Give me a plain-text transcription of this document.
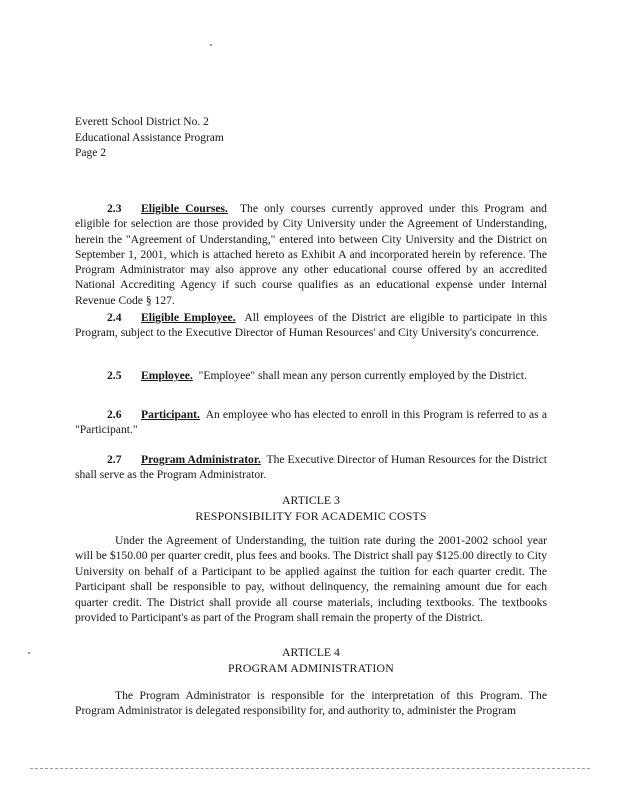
Everett School District No. 2
Educational Assistance Program
Page 2

2.3 Eligible Courses. The only courses currently approved under this Program and eligible for selection are those provided by City University under the Agreement of Understanding, herein the "Agreement of Understanding," entered into between City University and the District on September 1, 2001, which is attached hereto as Exhibit A and incorporated herein by reference. The Program Administrator may also approve any other educational course offered by an accredited National Accrediting Agency if such course qualifies as an educational expense under Internal Revenue Code § 127.

2.4 Eligible Employee. All employees of the District are eligible to participate in this Program, subject to the Executive Director of Human Resources' and City University's concurrence.

2.5 Employee. "Employee" shall mean any person currently employed by the District.

2.6 Participant. An employee who has elected to enroll in this Program is referred to as a "Participant."

2.7 Program Administrator. The Executive Director of Human Resources for the District shall serve as the Program Administrator.

ARTICLE 3
RESPONSIBILITY FOR ACADEMIC COSTS

Under the Agreement of Understanding, the tuition rate during the 2001-2002 school year will be $150.00 per quarter credit, plus fees and books. The District shall pay $125.00 directly to City University on behalf of a Participant to be applied against the tuition for each quarter credit. The Participant shall be responsible to pay, without delinquency, the remaining amount due for each quarter credit. The District shall provide all course materials, including textbooks. The textbooks provided to Participant's as part of the Program shall remain the property of the District.

ARTICLE 4
PROGRAM ADMINISTRATION

The Program Administrator is responsible for the interpretation of this Program. The Program Administrator is delegated responsibility for, and authority to, administer the Program
